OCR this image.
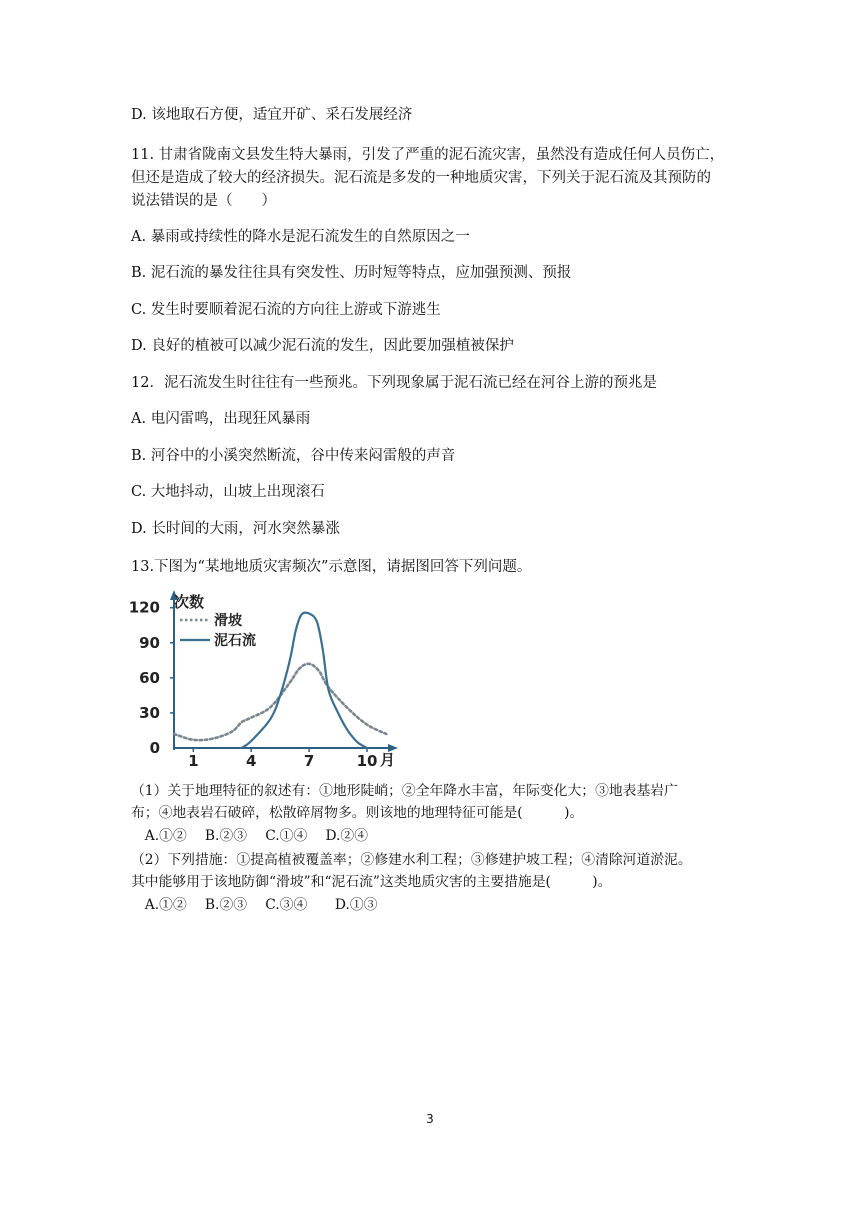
D. 该地取石方便，适宜开矿、采石发展经济
11. 甘肃省陇南文县发生特大暴雨，引发了严重的泥石流灾害，虽然没有造成任何人员伤亡，
但还是造成了较大的经济损失。泥石流是多发的一种地质灾害，下列关于泥石流及其预防的
说法错误的是（　　）
A. 暴雨或持续性的降水是泥石流发生的自然原因之一
B. 泥石流的暴发往往具有突发性、历时短等特点，应加强预测、预报
C. 发生时要顺着泥石流的方向往上游或下游逃生
D. 良好的植被可以减少泥石流的发生，因此要加强植被保护
12．泥石流发生时往往有一些预兆。下列现象属于泥石流已经在河谷上游的预兆是
A. 电闪雷鸣，出现狂风暴雨
B. 河谷中的小溪突然断流，谷中传来闷雷般的声音
C. 大地抖动，山坡上出现滚石
D. 长时间的大雨，河水突然暴涨
13.下图为“某地地质灾害频次”示意图，请据图回答下列问题。
次数
月
0
30
60
90
120
1	4	7	10
滑坡
泥石流
（1）关于地理特征的叙述有：①地形陡峭；②全年降水丰富，年际变化大；③地表基岩广
布；④地表岩石破碎，松散碎屑物多。则该地的地理特征可能是(　　　)。
　A.①②　 B.②③　 C.①④　 D.②④
（2）下列措施：①提高植被覆盖率；②修建水利工程；③修建护坡工程；④清除河道淤泥。
其中能够用于该地防御“滑坡”和“泥石流”这类地质灾害的主要措施是(　　　)。
　A.①②　 B.②③　 C.③④　　D.①③
3
